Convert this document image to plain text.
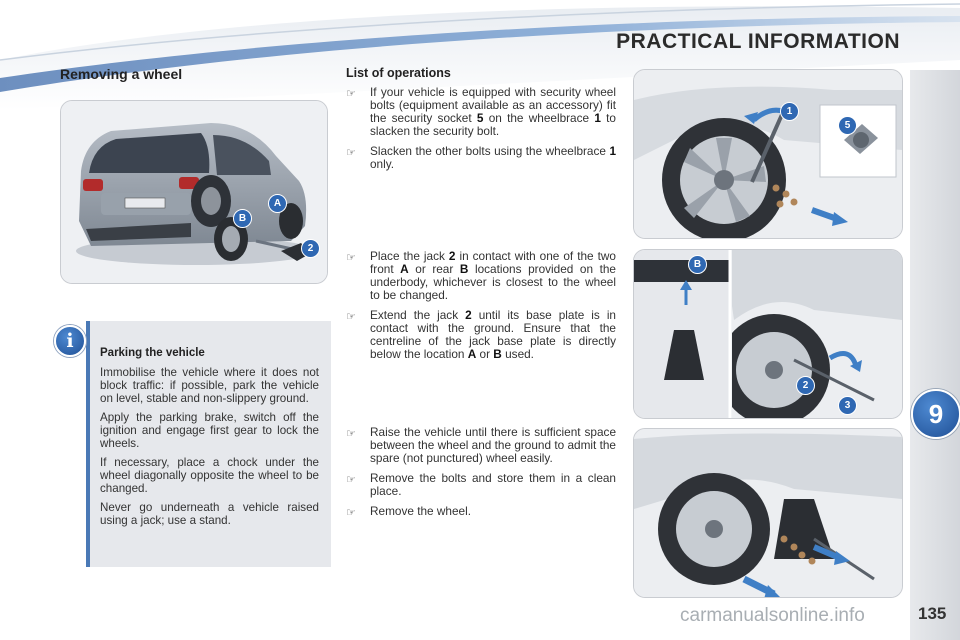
PRACTICAL INFORMATION
9
135
Removing a wheel
B
A
2
i
Parking the vehicle

Immobilise the vehicle where it does not block traffic: if possible, park the vehicle on level, stable and non-slippery ground.

Apply the parking brake, switch off the ignition and engage first gear to lock the wheels.

If necessary, place a chock under the wheel diagonally opposite the wheel to be changed.

Never go underneath a vehicle raised using a jack; use a stand.

List of operations
☞	If your vehicle is equipped with security wheel bolts (equipment available as an accessory) fit the security socket 5 on the wheelbrace 1 to slacken the security bolt.
☞	Slacken the other bolts using the wheelbrace 1 only.
☞	Place the jack 2 in contact with one of the two front A or rear B locations provided on the underbody, whichever is closest to the wheel to be changed.
☞	Extend the jack 2 until its base plate is in contact with the ground. Ensure that the centreline of the jack base plate is directly below the location A or B used.
☞	Raise the vehicle until there is sufficient space between the wheel and the ground to admit the spare (not punctured) wheel easily.
☞	Remove the bolts and store them in a clean place.
☞	Remove the wheel.
1
5
B
2
3
carmanualsonline.info
